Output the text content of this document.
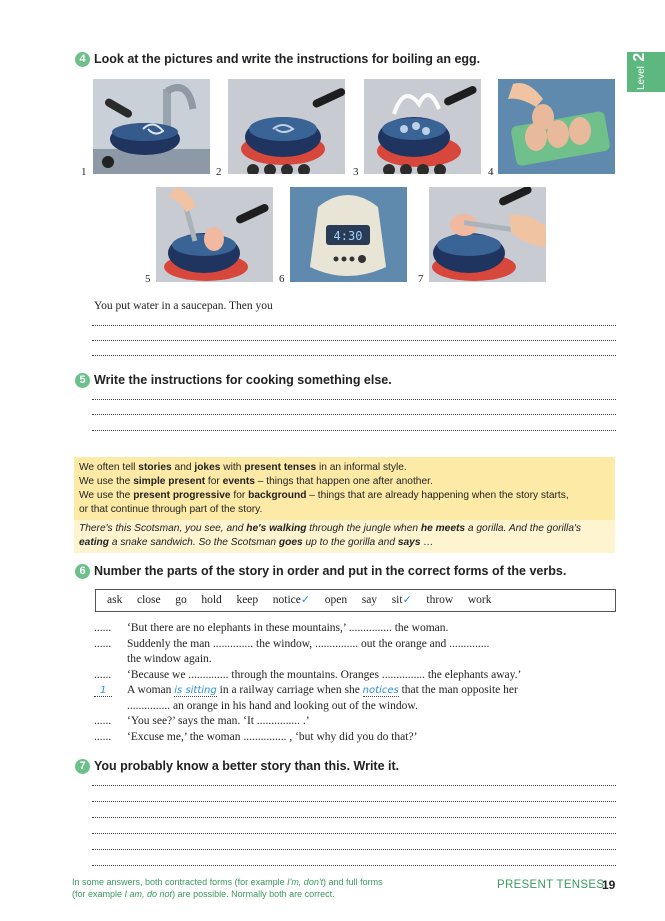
Level 2
4 Look at the pictures and write the instructions for boiling an egg.
1	2	3	4
5
4:30
6	7
You put water in a saucepan. Then you
5 Write the instructions for cooking something else.
We often tell stories and jokes with present tenses in an informal style.
We use the simple present for events – things that happen one after another.
We use the present progressive for background – things that are already happening when the story starts,
or that continue through part of the story.
There's this Scotsman, you see, and he's walking through the jungle when he meets a gorilla. And the gorilla's
eating a snake sandwich. So the Scotsman goes up to the gorilla and says …
6 Number the parts of the story in order and put in the correct forms of the verbs.
ask close go hold keep notice✓ open say sit✓ throw work
...... ‘But there are no elephants in these mountains,’ ............... the woman.
...... Suddenly the man .............. the window, ............... out the orange and ..............
the window again.
...... ‘Because we .............. through the mountains. Oranges ............... the elephants away.’
1	A woman is sitting in a railway carriage when she notices that the man opposite her
............... an orange in his hand and looking out of the window.
...... ‘You see?’ says the man. ‘It ............... .’
...... ‘Excuse me,’ the woman ............... , ‘but why did you do that?’
7 You probably know a better story than this. Write it.
In some answers, both contracted forms (for example I'm, don't) and full forms (for example I am, do not) are possible. Normally both are correct.
PRESENT TENSES
19
